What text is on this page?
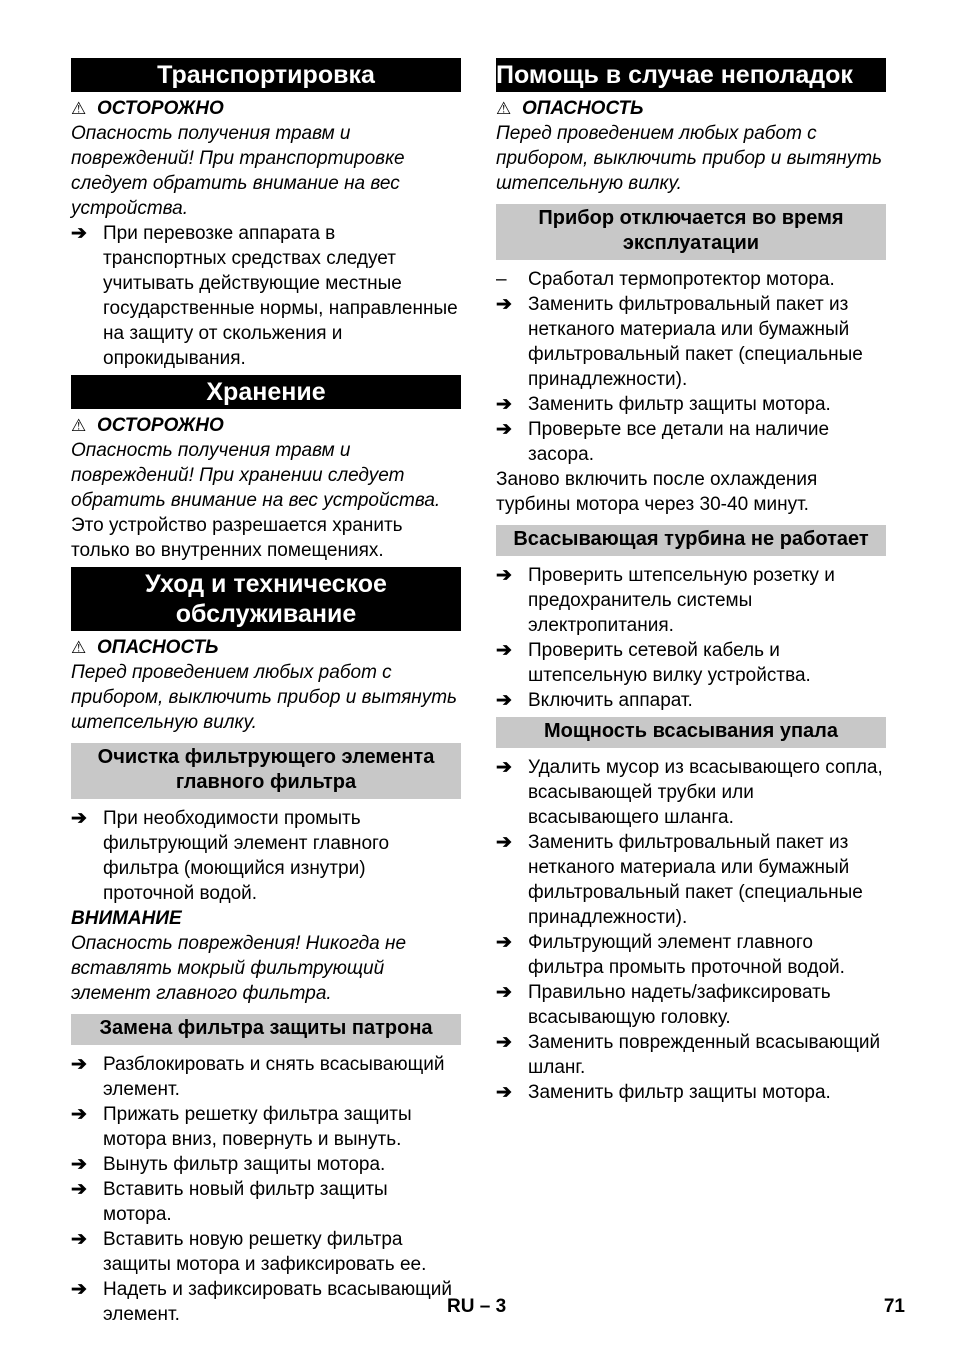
Транспортировка
⚠ ОСТОРОЖНО
Опасность получения травм и повреждений! При транспортировке следует обратить внимание на вес устройства.
➔ При перевозке аппарата в транспортных средствах следует учитывать действующие местные государственные нормы, направленные на защиту от скольжения и опрокидывания.
Хранение
⚠ ОСТОРОЖНО
Опасность получения травм и повреждений! При хранении следует обратить внимание на вес устройства.
Это устройство разрешается хранить только во внутренних помещениях.
Уход и техническое обслуживание
⚠ ОПАСНОСТЬ
Перед проведением любых работ с прибором, выключить прибор и вытянуть штепсельную вилку.
Очистка фильтрующего элемента главного фильтра
➔ При необходимости промыть фильтрующий элемент главного фильтра (моющийся изнутри) проточной водой.
ВНИМАНИЕ
Опасность повреждения! Никогда не вставлять мокрый фильтрующий элемент главного фильтра.
Замена фильтра защиты патрона
➔ Разблокировать и снять всасывающий элемент.
➔ Прижать решетку фильтра защиты мотора вниз, повернуть и вынуть.
➔ Вынуть фильтр защиты мотора.
➔ Вставить новый фильтр защиты мотора.
➔ Вставить новую решетку фильтра защиты мотора и зафиксировать ее.
➔ Надеть и зафиксировать всасывающий элемент.
Помощь в случае неполадок
⚠ ОПАСНОСТЬ
Перед проведением любых работ с прибором, выключить прибор и вытянуть штепсельную вилку.
Прибор отключается во время эксплуатации
–	Сработал термопротектор мотора.
➔ Заменить фильтровальный пакет из нетканого материала или бумажный фильтровальный пакет (специальные принадлежности).
➔ Заменить фильтр защиты мотора.
➔ Проверьте все детали на наличие засора.
Заново включить после охлаждения турбины мотора через 30-40 минут.
Всасывающая турбина не работает
➔ Проверить штепсельную розетку и предохранитель системы электропитания.
➔ Проверить сетевой кабель и штепсельную вилку устройства.
➔ Включить аппарат.
Мощность всасывания упала
➔ Удалить мусор из всасывающего сопла, всасывающей трубки или всасывающего шланга.
➔ Заменить фильтровальный пакет из нетканого материала или бумажный фильтровальный пакет (специальные принадлежности).
➔ Фильтрующий элемент главного фильтра промыть проточной водой.
➔ Правильно надеть/зафиксировать всасывающую головку.
➔ Заменить поврежденный всасывающий шланг.
➔ Заменить фильтр защиты мотора.
RU – 3	71
